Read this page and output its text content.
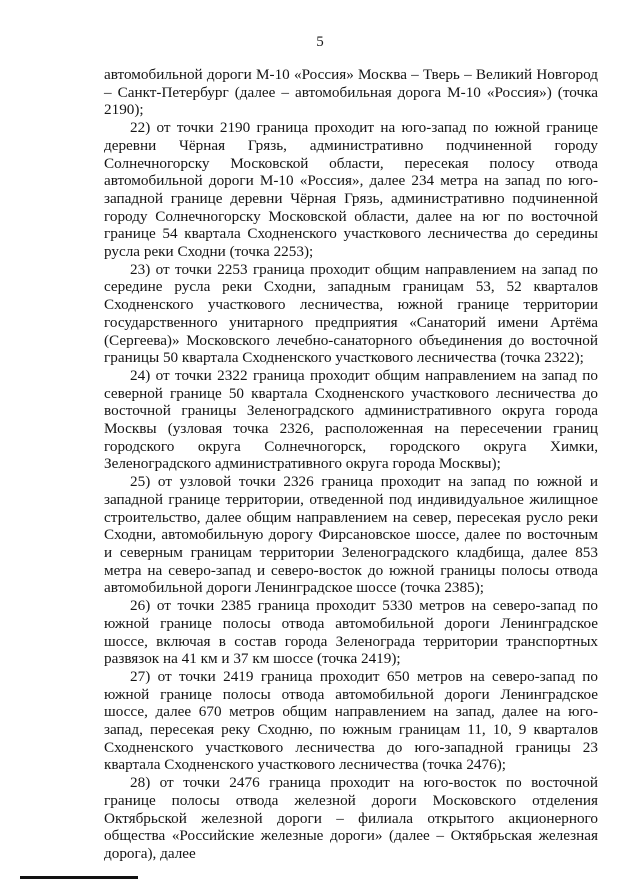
5

автомобильной дороги М-10 «Россия» Москва – Тверь – Великий Новгород – Санкт-Петербург (далее – автомобильная дорога М-10 «Россия») (точка 2190);

22) от точки 2190 граница проходит на юго-запад по южной границе деревни Чёрная Грязь, административно подчиненной городу Солнечногорску Московской области, пересекая полосу отвода автомобильной дороги М-10 «Россия», далее 234 метра на запад по юго-западной границе деревни Чёрная Грязь, административно подчиненной городу Солнечногорску Московской области, далее на юг по восточной границе 54 квартала Сходненского участкового лесничества до середины русла реки Сходни (точка 2253);

23) от точки 2253 граница проходит общим направлением на запад по середине русла реки Сходни, западным границам 53, 52 кварталов Сходненского участкового лесничества, южной границе территории государственного унитарного предприятия «Санаторий имени Артёма (Сергеева)» Московского лечебно-санаторного объединения до восточной границы 50 квартала Сходненского участкового лесничества (точка 2322);

24) от точки 2322 граница проходит общим направлением на запад по северной границе 50 квартала Сходненского участкового лесничества до восточной границы Зеленоградского административного округа города Москвы (узловая точка 2326, расположенная на пересечении границ городского округа Солнечногорск, городского округа Химки, Зеленоградского административного округа города Москвы);

25) от узловой точки 2326 граница проходит на запад по южной и западной границе территории, отведенной под индивидуальное жилищное строительство, далее общим направлением на север, пересекая русло реки Сходни, автомобильную дорогу Фирсановское шоссе, далее по восточным и северным границам территории Зеленоградского кладбища, далее 853 метра на северо-запад и северо-восток до южной границы полосы отвода автомобильной дороги Ленинградское шоссе (точка 2385);

26) от точки 2385 граница проходит 5330 метров на северо-запад по южной границе полосы отвода автомобильной дороги Ленинградское шоссе, включая в состав города Зеленограда территории транспортных развязок на 41 км и 37 км шоссе (точка 2419);

27) от точки 2419 граница проходит 650 метров на северо-запад по южной границе полосы отвода автомобильной дороги Ленинградское шоссе, далее 670 метров общим направлением на запад, далее на юго-запад, пересекая реку Сходню, по южным границам 11, 10, 9 кварталов Сходненского участкового лесничества до юго-западной границы 23 квартала Сходненского участкового лесничества (точка 2476);

28) от точки 2476 граница проходит на юго-восток по восточной границе полосы отвода железной дороги Московского отделения Октябрьской железной дороги – филиала открытого акционерного общества «Российские железные дороги» (далее – Октябрьская железная дорога), далее
